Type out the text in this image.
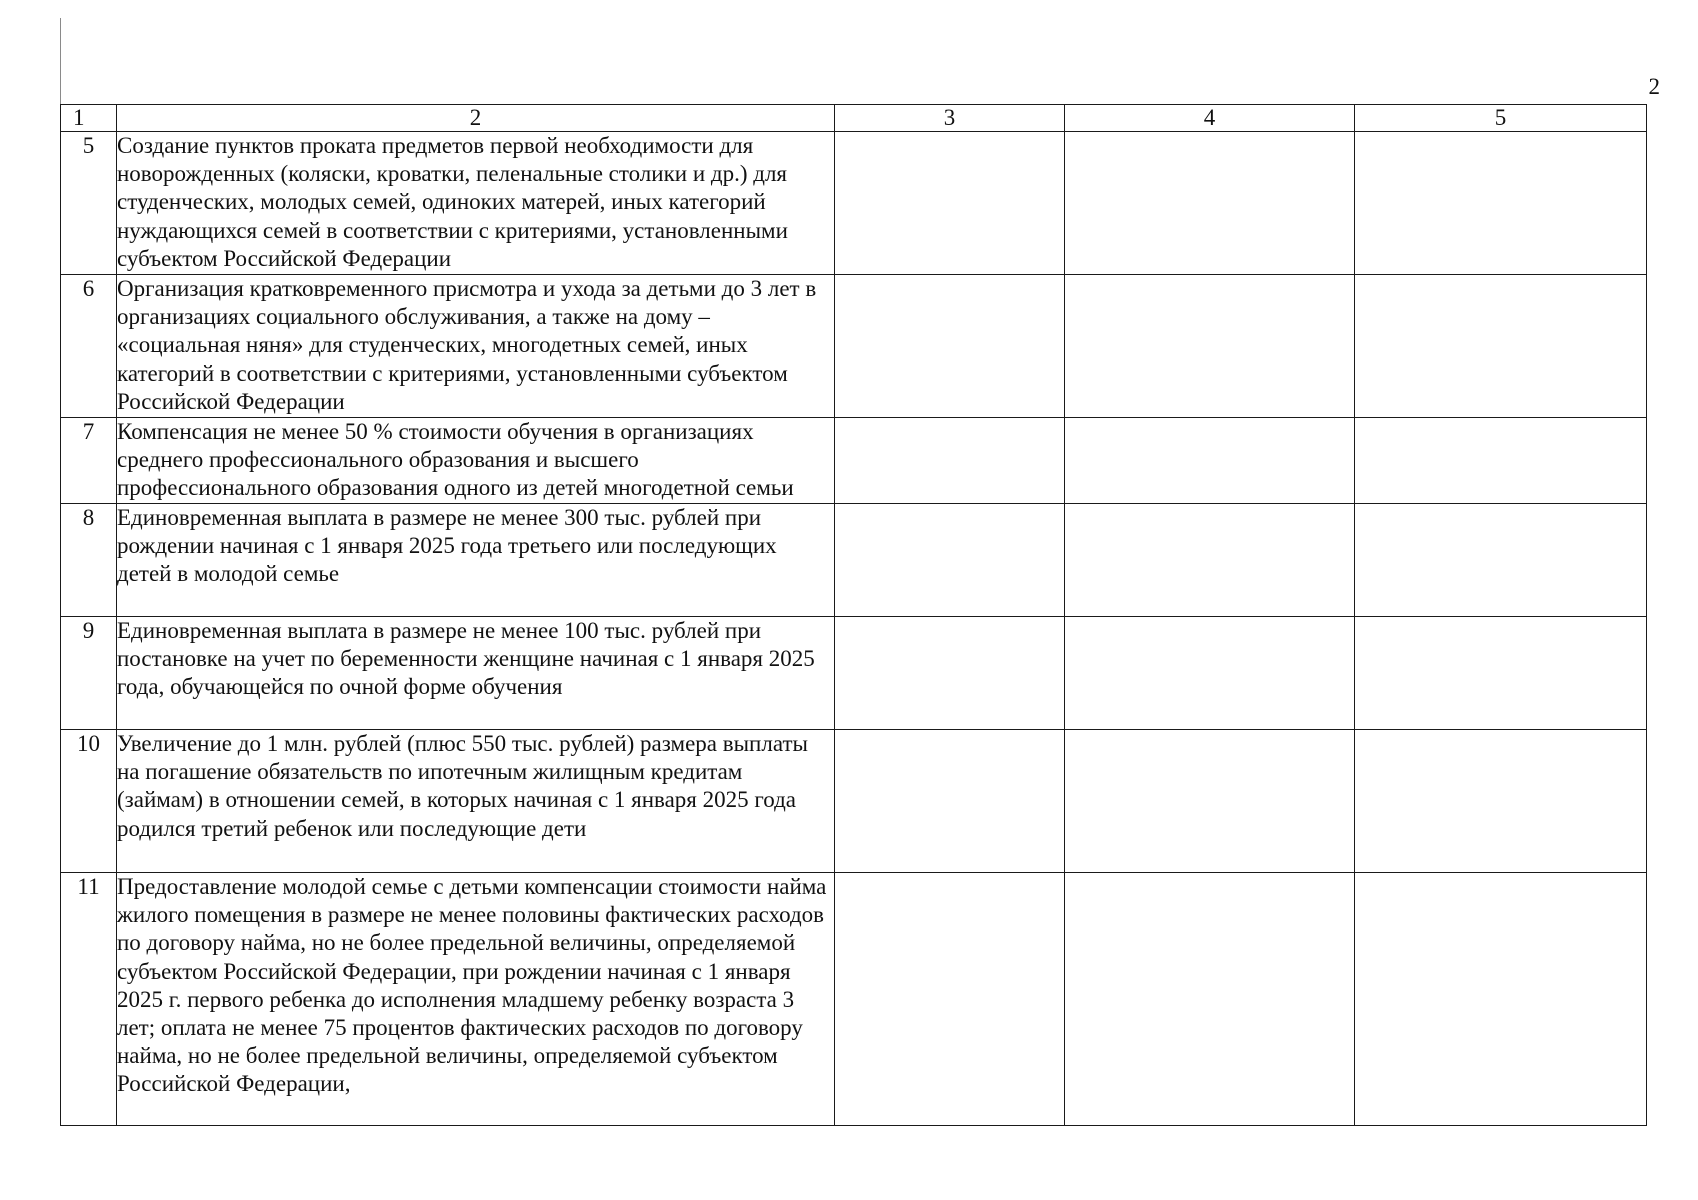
2
1	2	3	4	5
5	Создание пунктов проката предметов первой необходимости для новорожденных (коляски, кроватки, пеленальные столики и др.) для студенческих, молодых семей, одиноких матерей, иных категорий нуждающихся семей в соответствии с критериями, установленными субъектом Российской Федерации			
6	Организация кратковременного присмотра и ухода за детьми до 3 лет в организациях социального обслуживания, а также на дому – «социальная няня» для студенческих, многодетных семей, иных категорий в соответствии с критериями, установленными субъектом Российской Федерации			
7	Компенсация не менее 50 % стоимости обучения в организациях среднего профессионального образования и высшего профессионального образования одного из детей многодетной семьи			
8	Единовременная выплата в размере не менее 300 тыс. рублей при рождении начиная с 1 января 2025 года третьего или последующих детей в молодой семье			
9	Единовременная выплата в размере не менее 100 тыс. рублей при постановке на учет по беременности женщине начиная с 1 января 2025 года, обучающейся по очной форме обучения			
10	Увеличение до 1 млн. рублей (плюс 550 тыс. рублей) размера выплаты на погашение обязательств по ипотечным жилищным кредитам (займам) в отношении семей, в которых начиная с 1 января 2025 года родился третий ребенок или последующие дети			
11	Предоставление молодой семье с детьми компенсации стоимости найма жилого помещения в размере не менее половины фактических расходов по договору найма, но не более предельной величины, определяемой субъектом Российской Федерации, при рождении начиная с 1 января 2025 г. первого ребенка до исполнения младшему ребенку возраста 3 лет; оплата не менее 75 процентов фактических расходов по договору найма, но не более предельной величины, определяемой субъектом Российской Федерации,			
